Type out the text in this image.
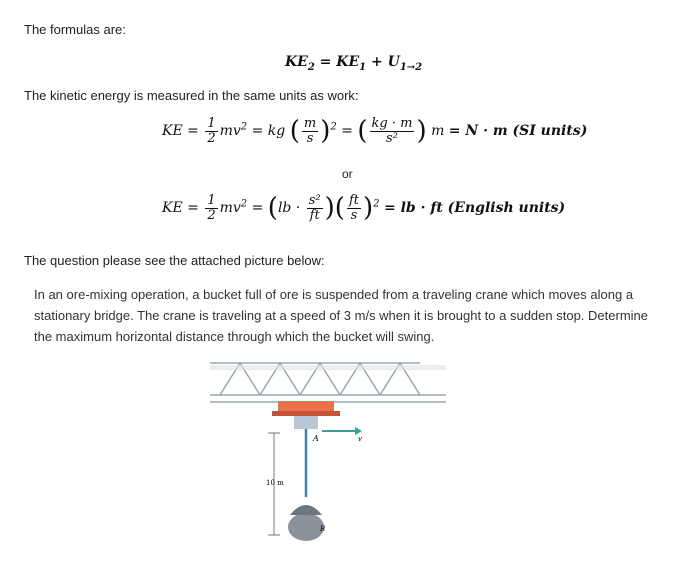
The formulas are:
$KE_2 = KE_1 + U_{1\to 2}$
The kinetic energy is measured in the same units as work:
KE = $\frac{1}{2} mv^2$ = kg ( $\frac{m}{s} )^2$ = ( $\frac{kg \cdot m}{\text{s²}}$ ) m = N · m (SI units)
or
KE = $\frac{1}{2} mv^2 = (lb \cdot \frac{\text{s²}}{ft}$ )( $\frac{ft}{s} )^2$ = lb · ft (English units)
The question please see the attached picture below:
In an ore-mixing operation, a bucket full of ore is suspended from a traveling crane which moves along a stationary bridge. The crane is traveling at a speed of 3 m/s when it is brought to a sudden stop. Determine the maximum horizontal distance through which the bucket will swing.
A	v
10 m
B
